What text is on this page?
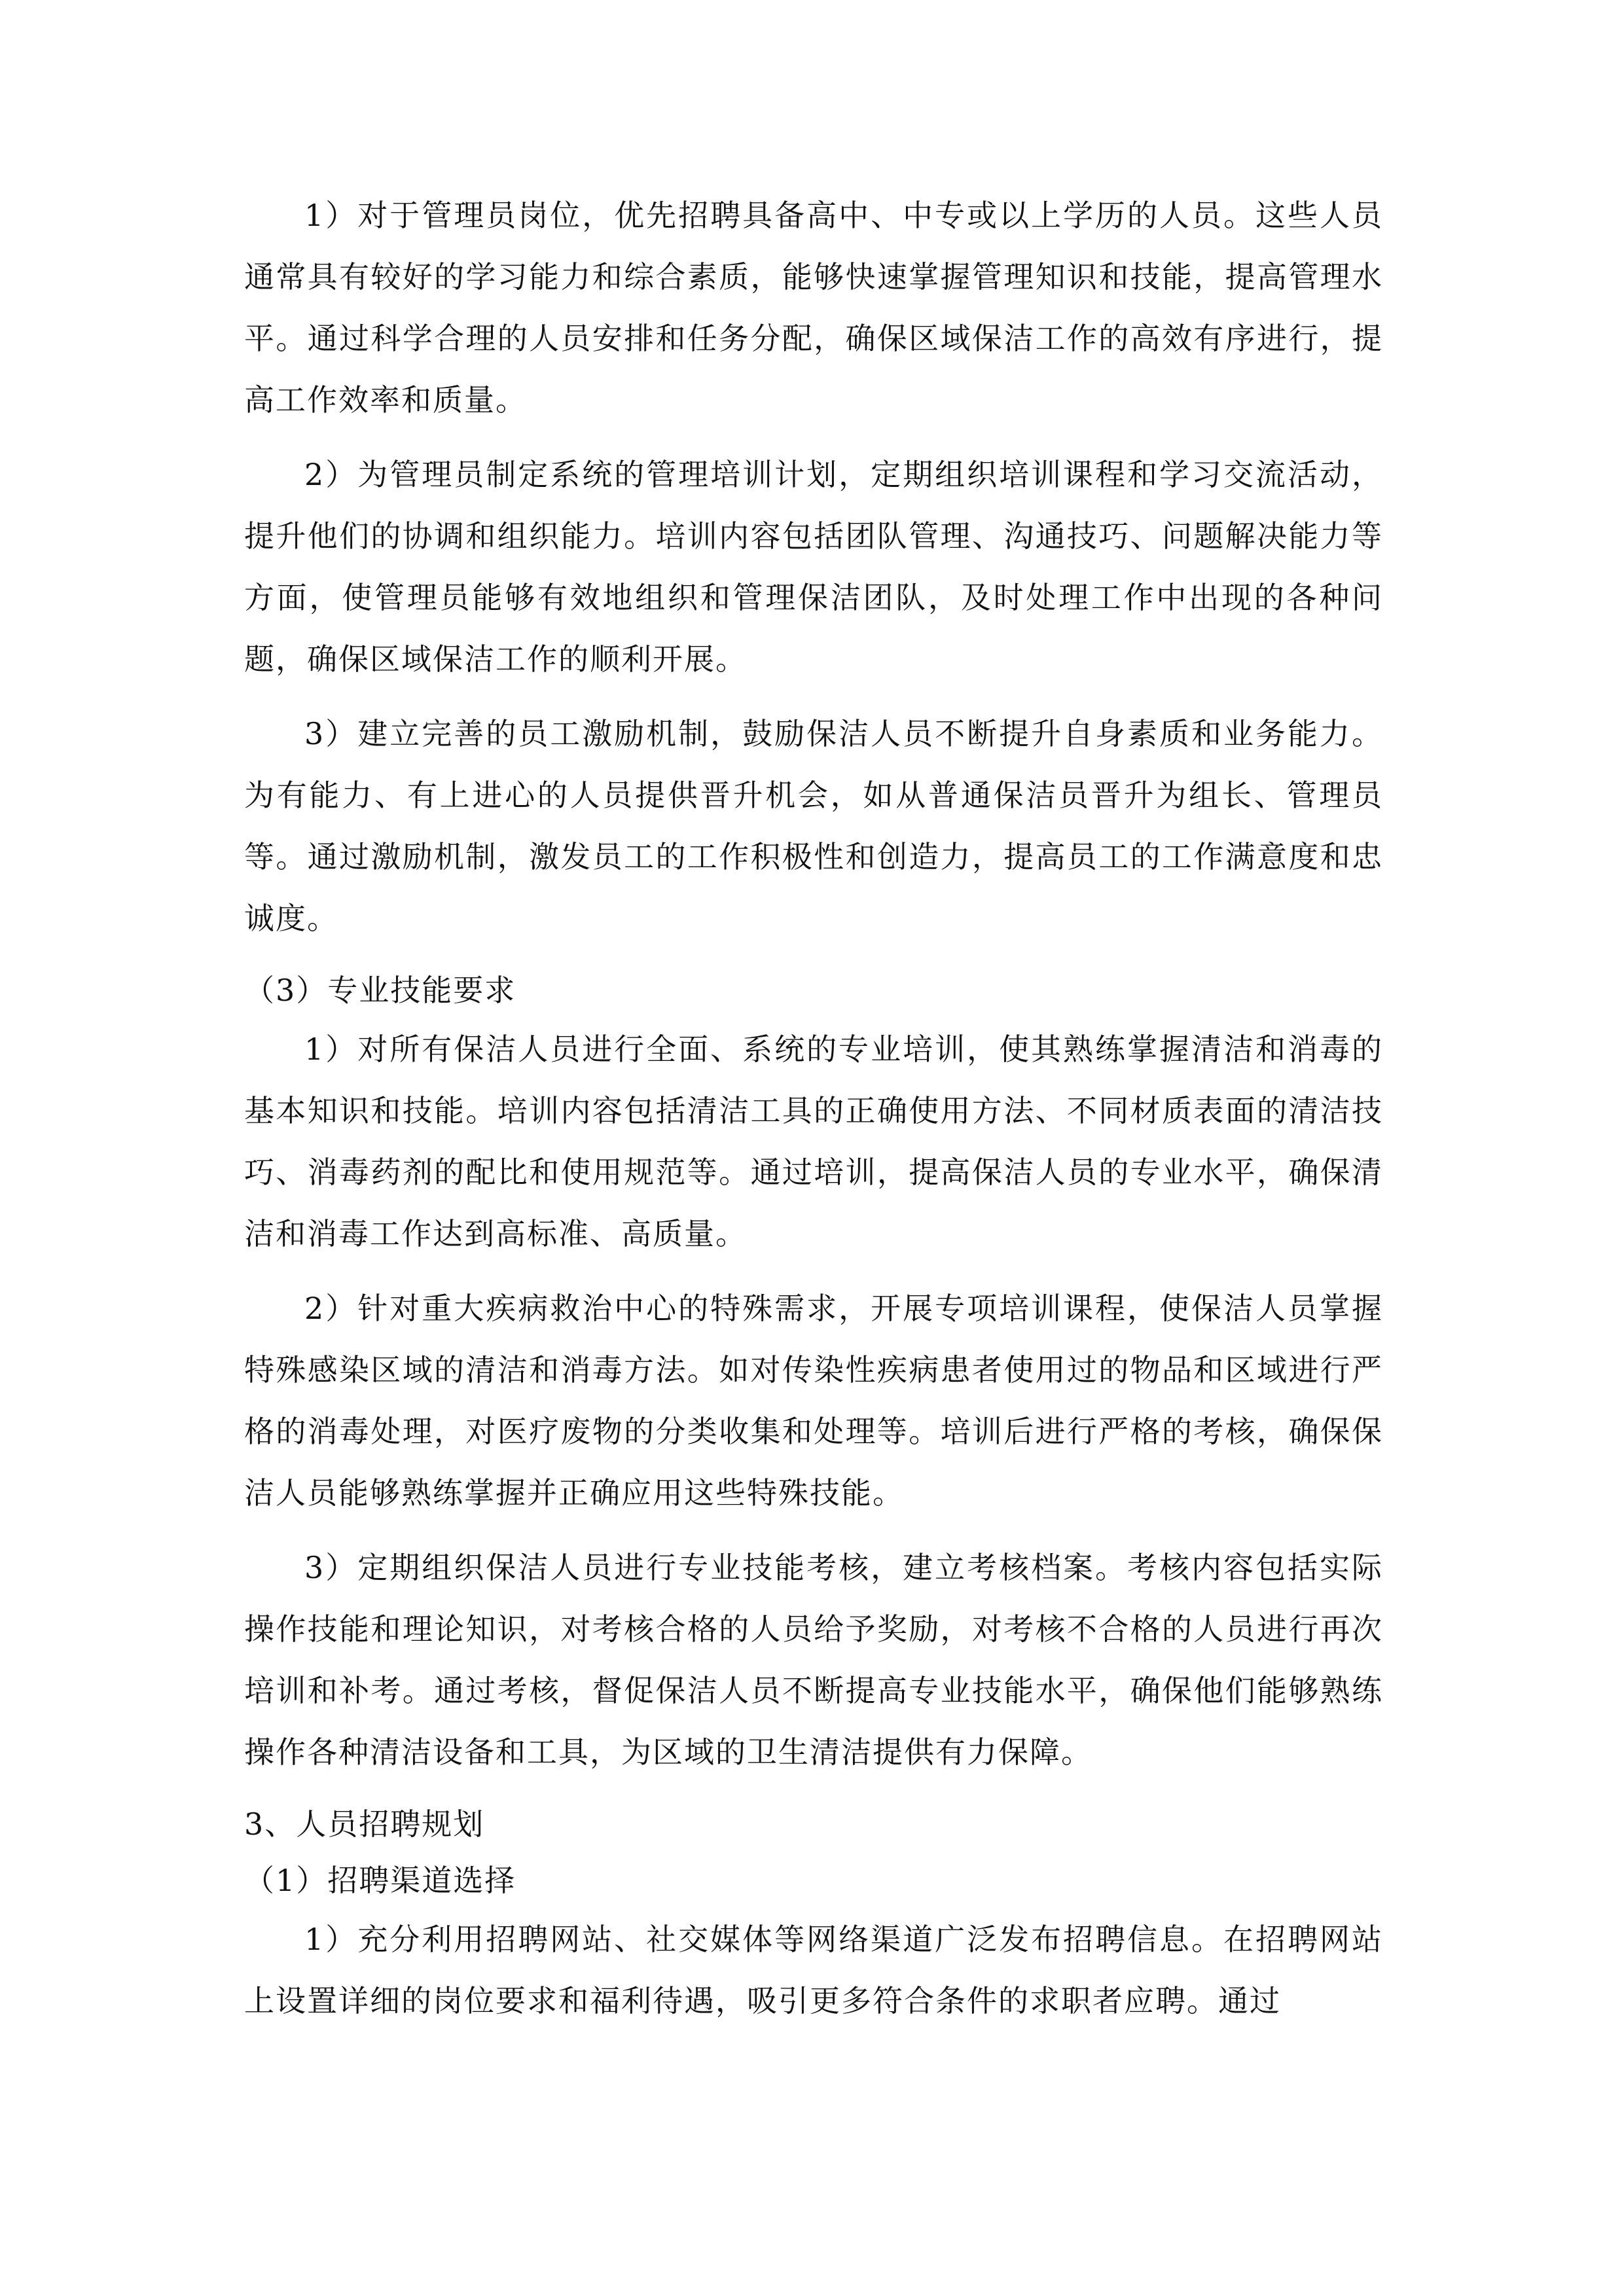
1）对于管理员岗位，优先招聘具备高中、中专或以上学历的人员。这些人员通常具有较好的学习能力和综合素质，能够快速掌握管理知识和技能，提高管理水平。通过科学合理的人员安排和任务分配，确保区域保洁工作的高效有序进行，提高工作效率和质量。

2）为管理员制定系统的管理培训计划，定期组织培训课程和学习交流活动，提升他们的协调和组织能力。培训内容包括团队管理、沟通技巧、问题解决能力等方面，使管理员能够有效地组织和管理保洁团队，及时处理工作中出现的各种问题，确保区域保洁工作的顺利开展。

3）建立完善的员工激励机制，鼓励保洁人员不断提升自身素质和业务能力。为有能力、有上进心的人员提供晋升机会，如从普通保洁员晋升为组长、管理员等。通过激励机制，激发员工的工作积极性和创造力，提高员工的工作满意度和忠诚度。

（3）专业技能要求

1）对所有保洁人员进行全面、系统的专业培训，使其熟练掌握清洁和消毒的基本知识和技能。培训内容包括清洁工具的正确使用方法、不同材质表面的清洁技巧、消毒药剂的配比和使用规范等。通过培训，提高保洁人员的专业水平，确保清洁和消毒工作达到高标准、高质量。

2）针对重大疾病救治中心的特殊需求，开展专项培训课程，使保洁人员掌握特殊感染区域的清洁和消毒方法。如对传染性疾病患者使用过的物品和区域进行严格的消毒处理，对医疗废物的分类收集和处理等。培训后进行严格的考核，确保保洁人员能够熟练掌握并正确应用这些特殊技能。

3）定期组织保洁人员进行专业技能考核，建立考核档案。考核内容包括实际操作技能和理论知识，对考核合格的人员给予奖励，对考核不合格的人员进行再次培训和补考。通过考核，督促保洁人员不断提高专业技能水平，确保他们能够熟练操作各种清洁设备和工具，为区域的卫生清洁提供有力保障。

3、人员招聘规划

（1）招聘渠道选择

1）充分利用招聘网站、社交媒体等网络渠道广泛发布招聘信息。在招聘网站上设置详细的岗位要求和福利待遇，吸引更多符合条件的求职者应聘。通过
